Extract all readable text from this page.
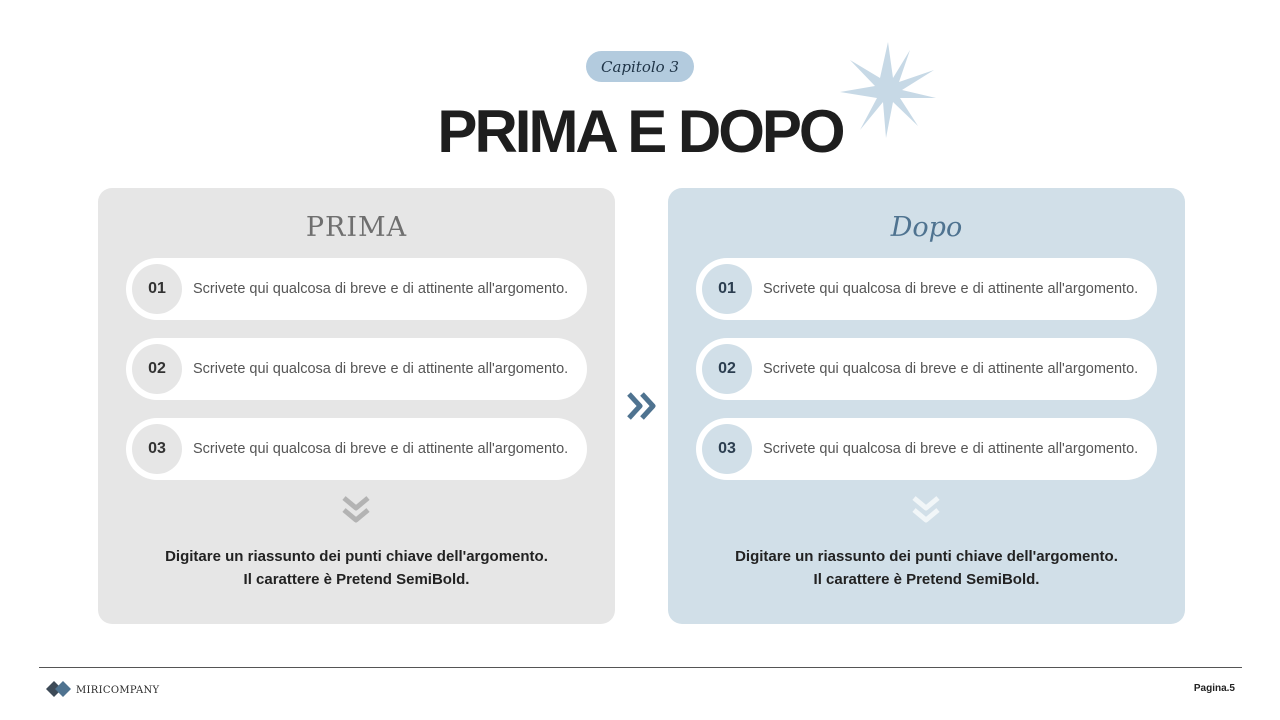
Capitolo 3
PRIMA E DOPO
PRIMA
01	Scrivete qui qualcosa di breve e di attinente all'argomento.
02	Scrivete qui qualcosa di breve e di attinente all'argomento.
03	Scrivete qui qualcosa di breve e di attinente all'argomento.
Digitare un riassunto dei punti chiave dell'argomento.
Il carattere è Pretend SemiBold.
Dopo
01	Scrivete qui qualcosa di breve e di attinente all'argomento.
02	Scrivete qui qualcosa di breve e di attinente all'argomento.
03	Scrivete qui qualcosa di breve e di attinente all'argomento.
Digitare un riassunto dei punti chiave dell'argomento.
Il carattere è Pretend SemiBold.
miricompany	Pagina.5
